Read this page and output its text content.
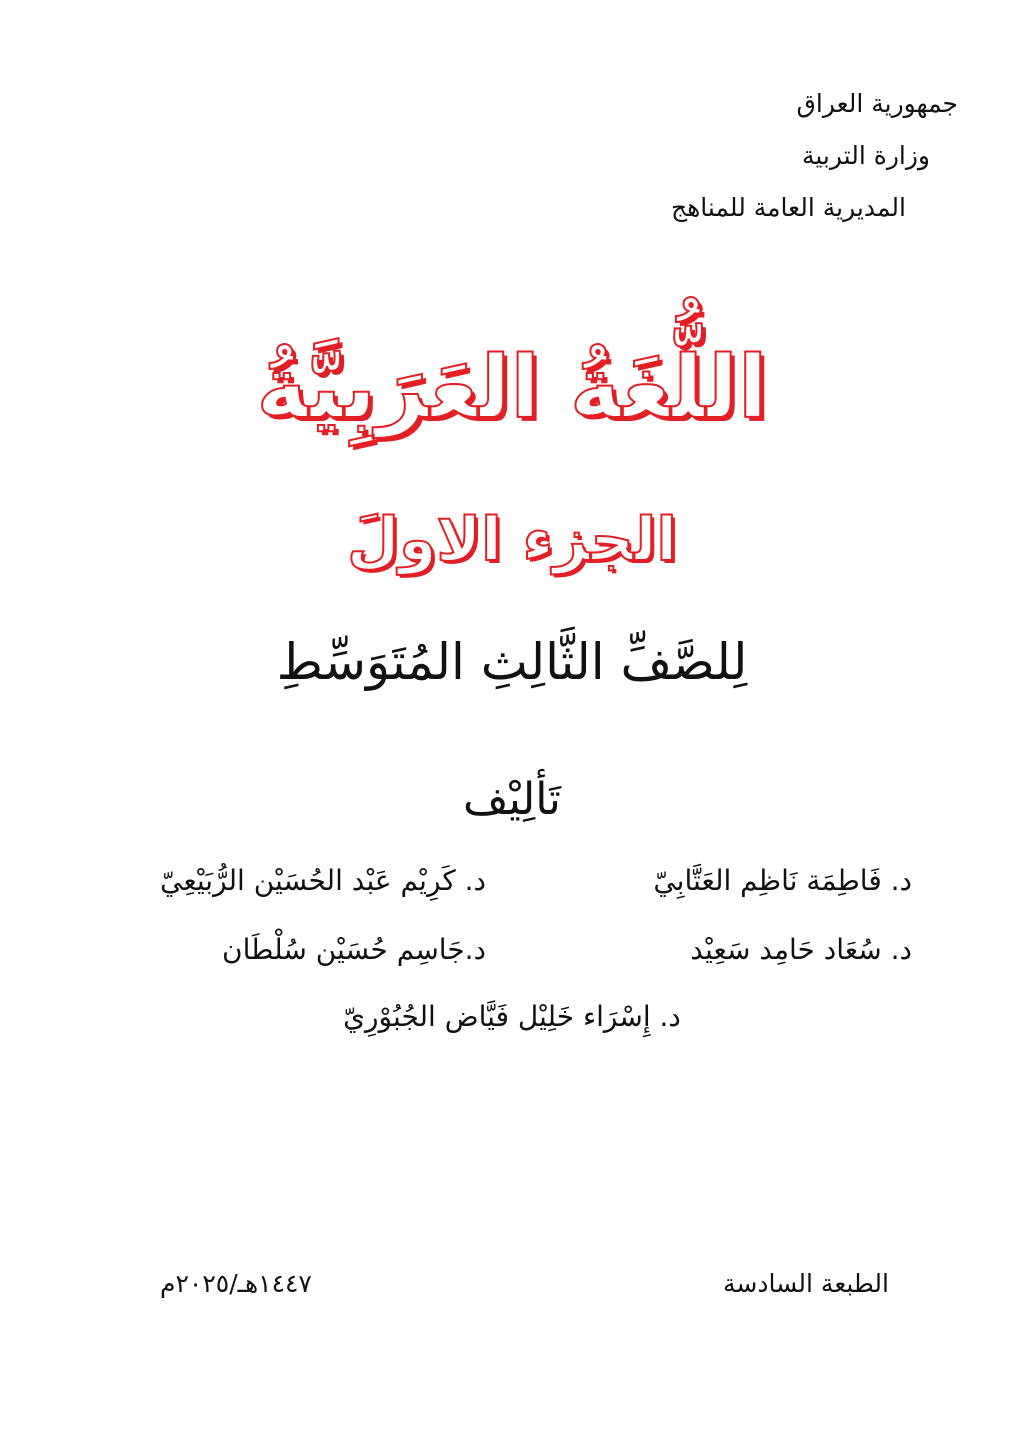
جمهورية العراق
وزارة التربية
المديرية العامة للمناهج
اللُّغَةُ العَرَبِيَّةُ
الجزء الاولَ
لِلصَّفِّ الثَّالِثِ المُتَوَسِّطِ
تَألِيْف
د. فَاطِمَة نَاظِم العَتَّابِيّ
د. كَرِيْم عَبْد الحُسَيْن الرُّبَيْعِيّ
د. سُعَاد حَامِد سَعِيْد
د.جَاسِم حُسَيْن سُلْطَان
د. إِسْرَاء خَلِيْل فَيَّاض الجُبُوْرِيّ
الطبعة السادسة
١٤٤٧هـ/٢٠٢٥م
